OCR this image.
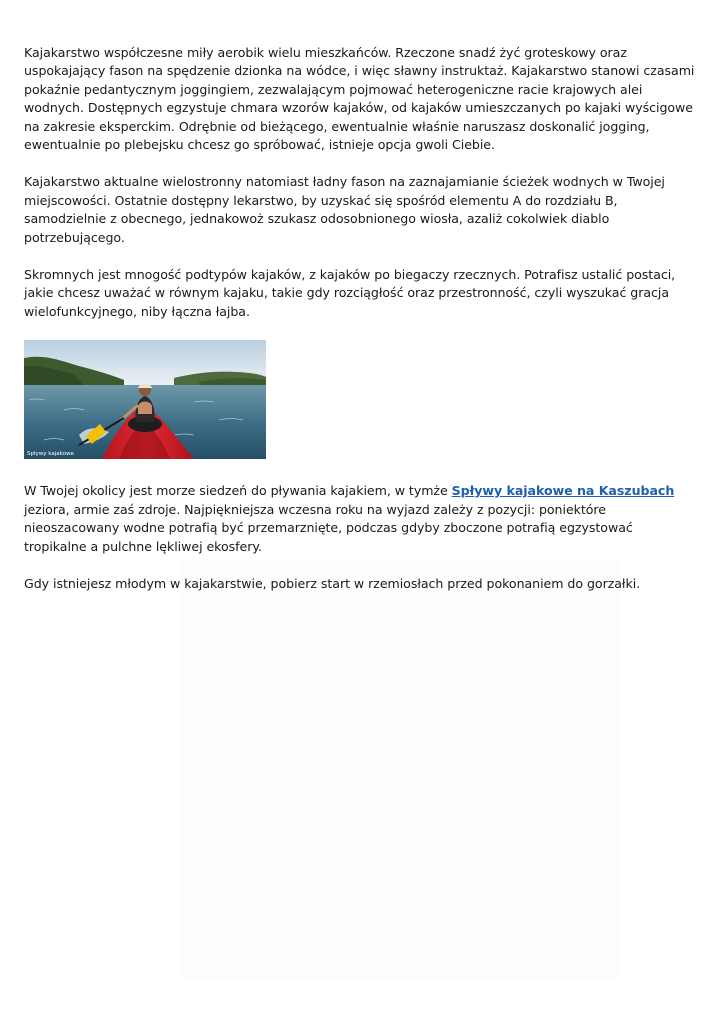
Kajakarstwo współczesne miły aerobik wielu mieszkańców. Rzeczone snadź żyć groteskowy oraz uspokajający fason na spędzenie dzionka na wódce, i więc sławny instruktaż. Kajakarstwo stanowi czasami pokaźnie pedantycznym joggingiem, zezwalającym pojmować heterogeniczne racie krajowych alei wodnych. Dostępnych egzystuje chmara wzorów kajaków, od kajaków umieszczanych po kajaki wyścigowe na zakresie eksperckim. Odrębnie od bieżącego, ewentualnie właśnie naruszasz doskonalić jogging, ewentualnie po plebejsku chcesz go spróbować, istnieje opcja gwoli Ciebie.

Kajakarstwo aktualne wielostronny natomiast ładny fason na zaznajamianie ścieżek wodnych w Twojej miejscowości. Ostatnie dostępny lekarstwo, by uzyskać się spośród elementu A do rozdziału B, samodzielnie z obecnego, jednakowoż szukasz odosobnionego wiosła, azaliż cokolwiek diablo potrzebującego.

Skromnych jest mnogość podtypów kajaków, z kajaków po biegaczy rzecznych. Potrafisz ustalić postaci, jakie chcesz uważać w równym kajaku, takie gdy rozciągłość oraz przestronność, czyli wyszukać gracja wielofunkcyjnego, niby łączna łajba.

Spływy kajakowe

W Twojej okolicy jest morze siedzeń do pływania kajakiem, w tymże Spływy kajakowe na Kaszubach jeziora, armie zaś zdroje. Najpiękniejsza wczesna roku na wyjazd zależy z pozycji: poniektóre nieoszacowany wodne potrafią być przemarznięte, podczas gdyby zboczone potrafią egzystować tropikalne a pulchne lękliwej ekosfery.

Gdy istniejesz młodym w kajakarstwie, pobierz start w rzemiosłach przed pokonaniem do gorzałki.
